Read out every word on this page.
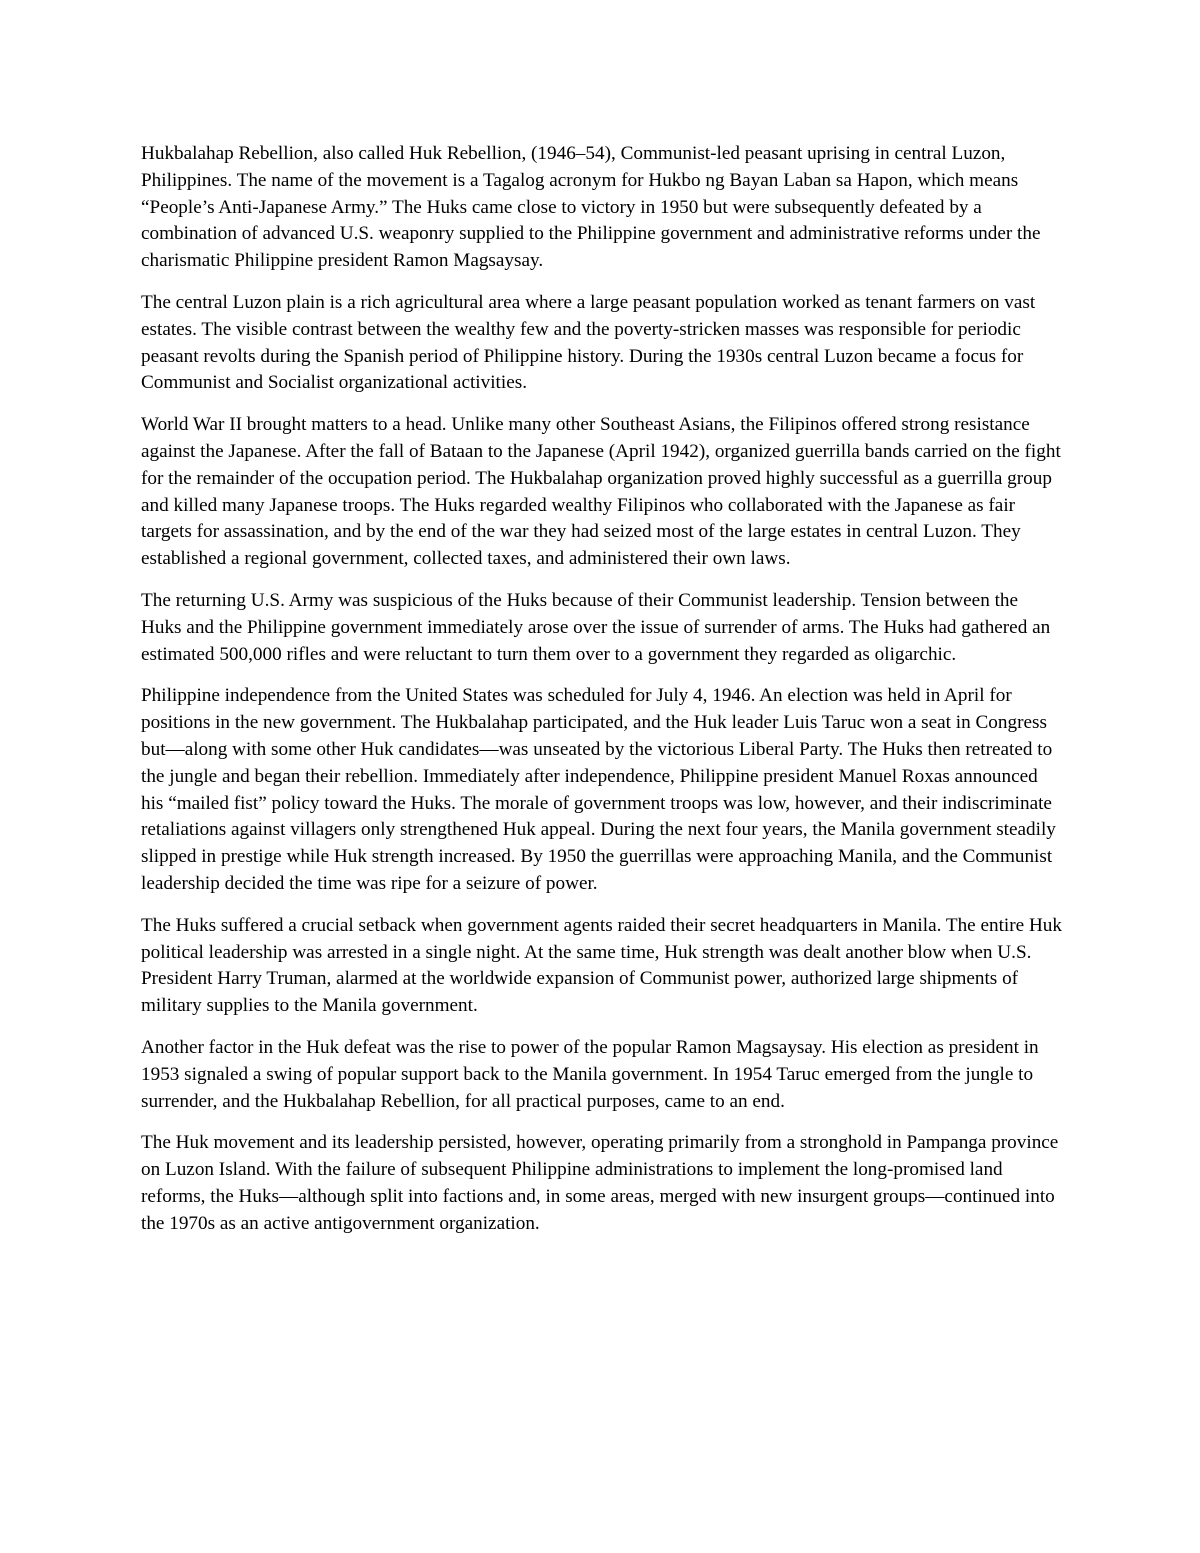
Hukbalahap Rebellion, also called Huk Rebellion, (1946–54), Communist-led peasant uprising in central Luzon, Philippines. The name of the movement is a Tagalog acronym for Hukbo ng Bayan Laban sa Hapon, which means “People’s Anti-Japanese Army.” The Huks came close to victory in 1950 but were subsequently defeated by a combination of advanced U.S. weaponry supplied to the Philippine government and administrative reforms under the charismatic Philippine president Ramon Magsaysay.

The central Luzon plain is a rich agricultural area where a large peasant population worked as tenant farmers on vast estates. The visible contrast between the wealthy few and the poverty-stricken masses was responsible for periodic peasant revolts during the Spanish period of Philippine history. During the 1930s central Luzon became a focus for Communist and Socialist organizational activities.

World War II brought matters to a head. Unlike many other Southeast Asians, the Filipinos offered strong resistance against the Japanese. After the fall of Bataan to the Japanese (April 1942), organized guerrilla bands carried on the fight for the remainder of the occupation period. The Hukbalahap organization proved highly successful as a guerrilla group and killed many Japanese troops. The Huks regarded wealthy Filipinos who collaborated with the Japanese as fair targets for assassination, and by the end of the war they had seized most of the large estates in central Luzon. They established a regional government, collected taxes, and administered their own laws.

The returning U.S. Army was suspicious of the Huks because of their Communist leadership. Tension between the Huks and the Philippine government immediately arose over the issue of surrender of arms. The Huks had gathered an estimated 500,000 rifles and were reluctant to turn them over to a government they regarded as oligarchic.

Philippine independence from the United States was scheduled for July 4, 1946. An election was held in April for positions in the new government. The Hukbalahap participated, and the Huk leader Luis Taruc won a seat in Congress but—along with some other Huk candidates—was unseated by the victorious Liberal Party. The Huks then retreated to the jungle and began their rebellion. Immediately after independence, Philippine president Manuel Roxas announced his “mailed fist” policy toward the Huks. The morale of government troops was low, however, and their indiscriminate retaliations against villagers only strengthened Huk appeal. During the next four years, the Manila government steadily slipped in prestige while Huk strength increased. By 1950 the guerrillas were approaching Manila, and the Communist leadership decided the time was ripe for a seizure of power.

The Huks suffered a crucial setback when government agents raided their secret headquarters in Manila. The entire Huk political leadership was arrested in a single night. At the same time, Huk strength was dealt another blow when U.S. President Harry Truman, alarmed at the worldwide expansion of Communist power, authorized large shipments of military supplies to the Manila government.

Another factor in the Huk defeat was the rise to power of the popular Ramon Magsaysay. His election as president in 1953 signaled a swing of popular support back to the Manila government. In 1954 Taruc emerged from the jungle to surrender, and the Hukbalahap Rebellion, for all practical purposes, came to an end.

The Huk movement and its leadership persisted, however, operating primarily from a stronghold in Pampanga province on Luzon Island. With the failure of subsequent Philippine administrations to implement the long-promised land reforms, the Huks—although split into factions and, in some areas, merged with new insurgent groups—continued into the 1970s as an active antigovernment organization.
